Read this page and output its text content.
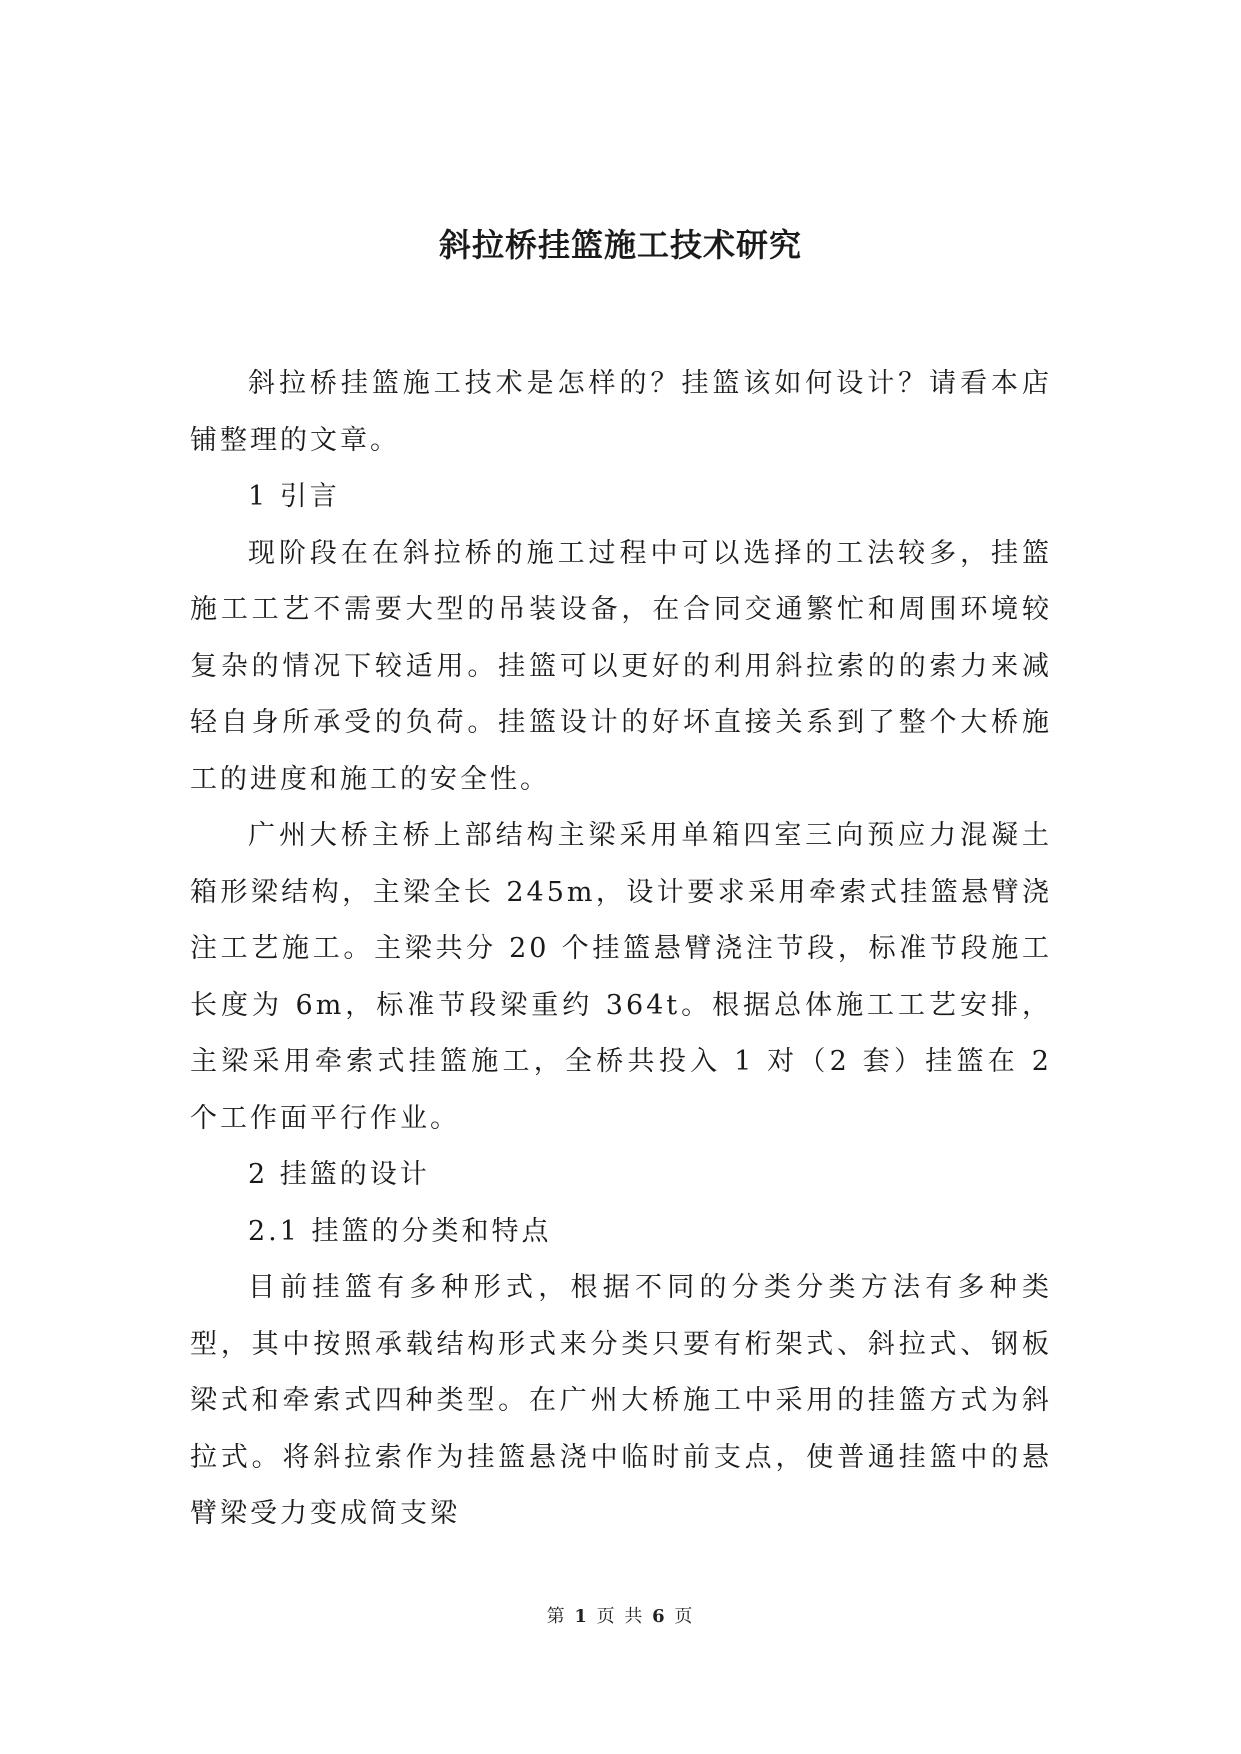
斜拉桥挂篮施工技术研究

斜拉桥挂篮施工技术是怎样的？挂篮该如何设计？请看本店铺整理的文章。

1 引言

现阶段在在斜拉桥的施工过程中可以选择的工法较多，挂篮施工工艺不需要大型的吊装设备，在合同交通繁忙和周围环境较复杂的情况下较适用。挂篮可以更好的利用斜拉索的的索力来减轻自身所承受的负荷。挂篮设计的好坏直接关系到了整个大桥施工的进度和施工的安全性。

广州大桥主桥上部结构主梁采用单箱四室三向预应力混凝土箱形梁结构，主梁全长 245m，设计要求采用牵索式挂篮悬臂浇注工艺施工。主梁共分 20 个挂篮悬臂浇注节段，标准节段施工长度为 6m，标准节段梁重约 364t。根据总体施工工艺安排，主梁采用牵索式挂篮施工，全桥共投入 1 对（2 套）挂篮在 2 个工作面平行作业。

2 挂篮的设计

2.1 挂篮的分类和特点

目前挂篮有多种形式，根据不同的分类分类方法有多种类型，其中按照承载结构形式来分类只要有桁架式、斜拉式、钢板梁式和牵索式四种类型。在广州大桥施工中采用的挂篮方式为斜拉式。将斜拉索作为挂篮悬浇中临时前支点，使普通挂篮中的悬臂梁受力变成简支梁

第 1 页 共 6 页
